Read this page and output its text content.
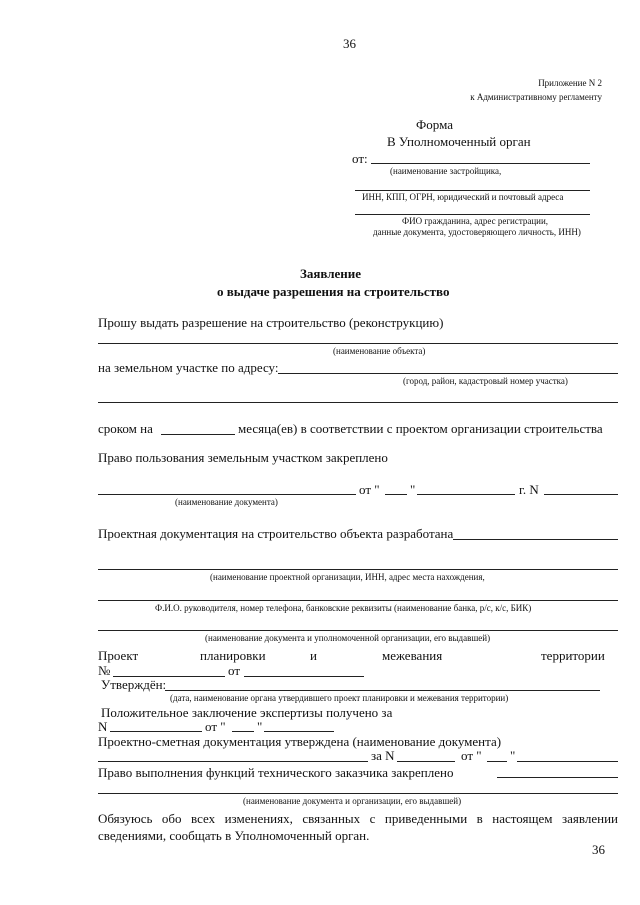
36
Приложение N 2
к Административному регламенту
Форма
В Уполномоченный орган
от:
(наименование застройщика,
ИНН, КПП, ОГРН, юридический и почтовый адреса
ФИО гражданина, адрес регистрации,
данные документа, удостоверяющего личность, ИНН)
Заявление
о выдаче разрешения на строительство
Прошу выдать разрешение на строительство (реконструкцию)
(наименование объекта)
на земельном участке по адресу:
(город, район, кадастровый номер участка)
сроком на	месяца(ев) в соответствии с проектом организации строительства
Право пользования земельным участком закреплено
от " "	г. N
(наименование документа)
Проектная документация на строительство объекта разработана
(наименование проектной организации, ИНН, адрес места нахождения,
Ф.И.О. руководителя, номер телефона, банковские реквизиты (наименование банка, р/с, к/с, БИК)
(наименование документа и уполномоченной организации, его выдавшей)
Проект	планировки	и	межевания	территории
№	от
Утверждён:
(дата, наименование органа утвердившего проект планировки и межевания территории)
Положительное заключение экспертизы получено за
N	от " "
Проектно-сметная документация утверждена (наименование документа)
за N	от " "
Право выполнения функций технического заказчика закреплено
(наименование документа и организации, его выдавшей)
Обязуюсь обо всех изменениях, связанных с приведенными в настоящем заявлении сведениями, сообщать в Уполномоченный орган.
36
